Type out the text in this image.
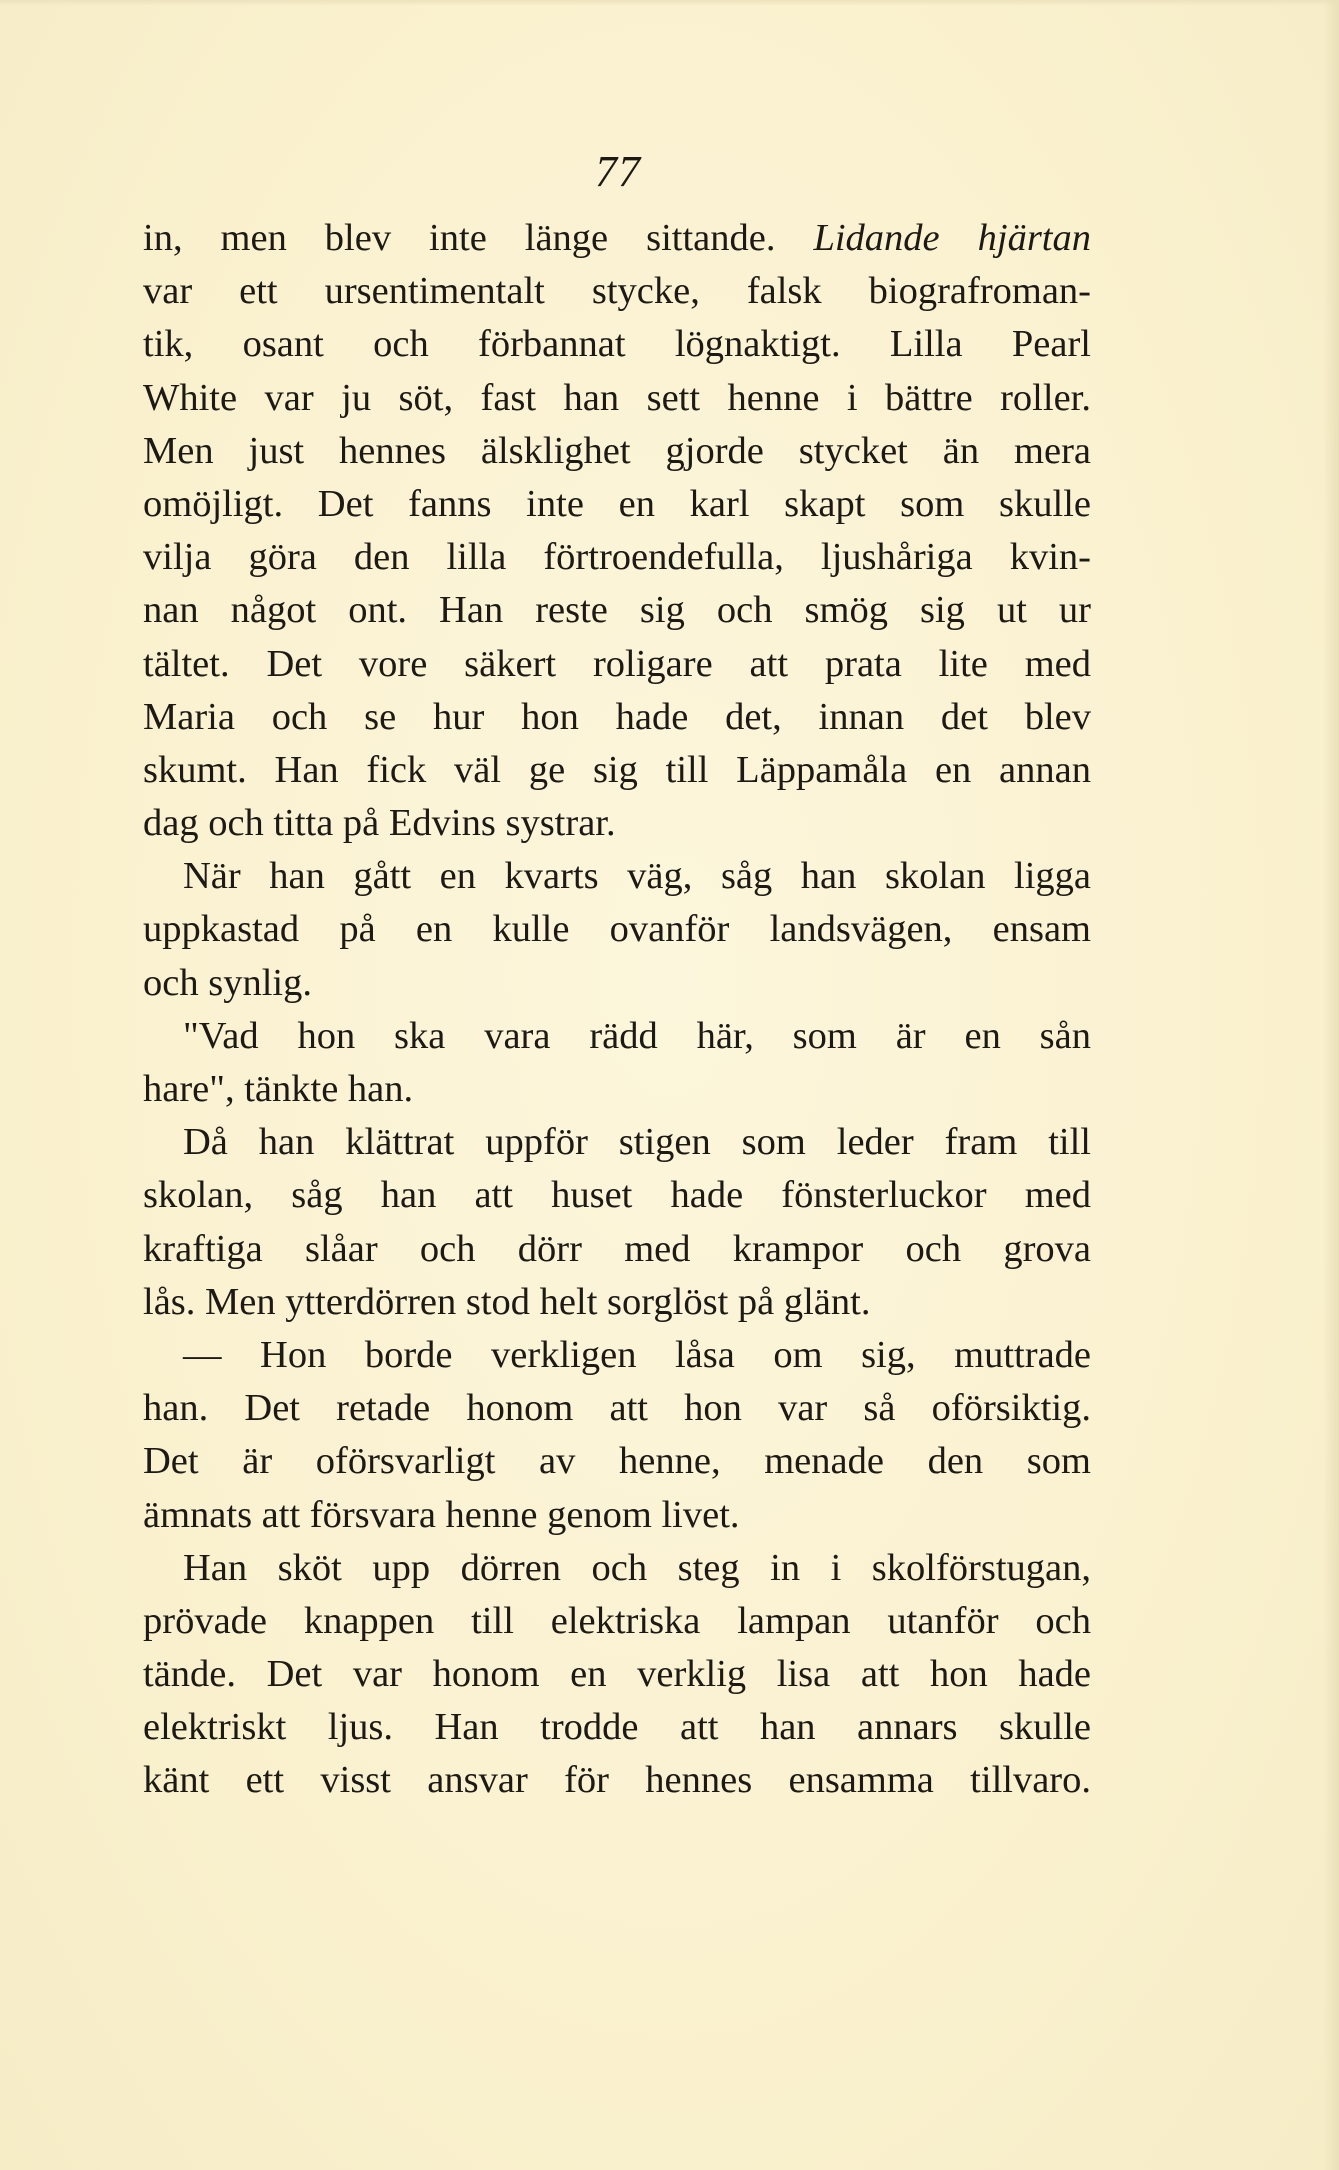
77
in, men blev inte länge sittande. Lidande hjärtan
var ett ursentimentalt stycke, falsk biografroman-
tik, osant och förbannat lögnaktigt. Lilla Pearl
White var ju söt, fast han sett henne i bättre roller.
Men just hennes älsklighet gjorde stycket än mera
omöjligt. Det fanns inte en karl skapt som skulle
vilja göra den lilla förtroendefulla, ljushåriga kvin-
nan något ont. Han reste sig och smög sig ut ur
tältet. Det vore säkert roligare att prata lite med
Maria och se hur hon hade det, innan det blev
skumt. Han fick väl ge sig till Läppamåla en annan
dag och titta på Edvins systrar.
När han gått en kvarts väg, såg han skolan ligga
uppkastad på en kulle ovanför landsvägen, ensam
och synlig.
"Vad hon ska vara rädd här, som är en sån
hare", tänkte han.
Då han klättrat uppför stigen som leder fram till
skolan, såg han att huset hade fönsterluckor med
kraftiga slåar och dörr med krampor och grova
lås. Men ytterdörren stod helt sorglöst på glänt.
— Hon borde verkligen låsa om sig, muttrade
han. Det retade honom att hon var så oförsiktig.
Det är oförsvarligt av henne, menade den som
ämnats att försvara henne genom livet.
Han sköt upp dörren och steg in i skolförstugan,
prövade knappen till elektriska lampan utanför och
tände. Det var honom en verklig lisa att hon hade
elektriskt ljus. Han trodde att han annars skulle
känt ett visst ansvar för hennes ensamma tillvaro.
